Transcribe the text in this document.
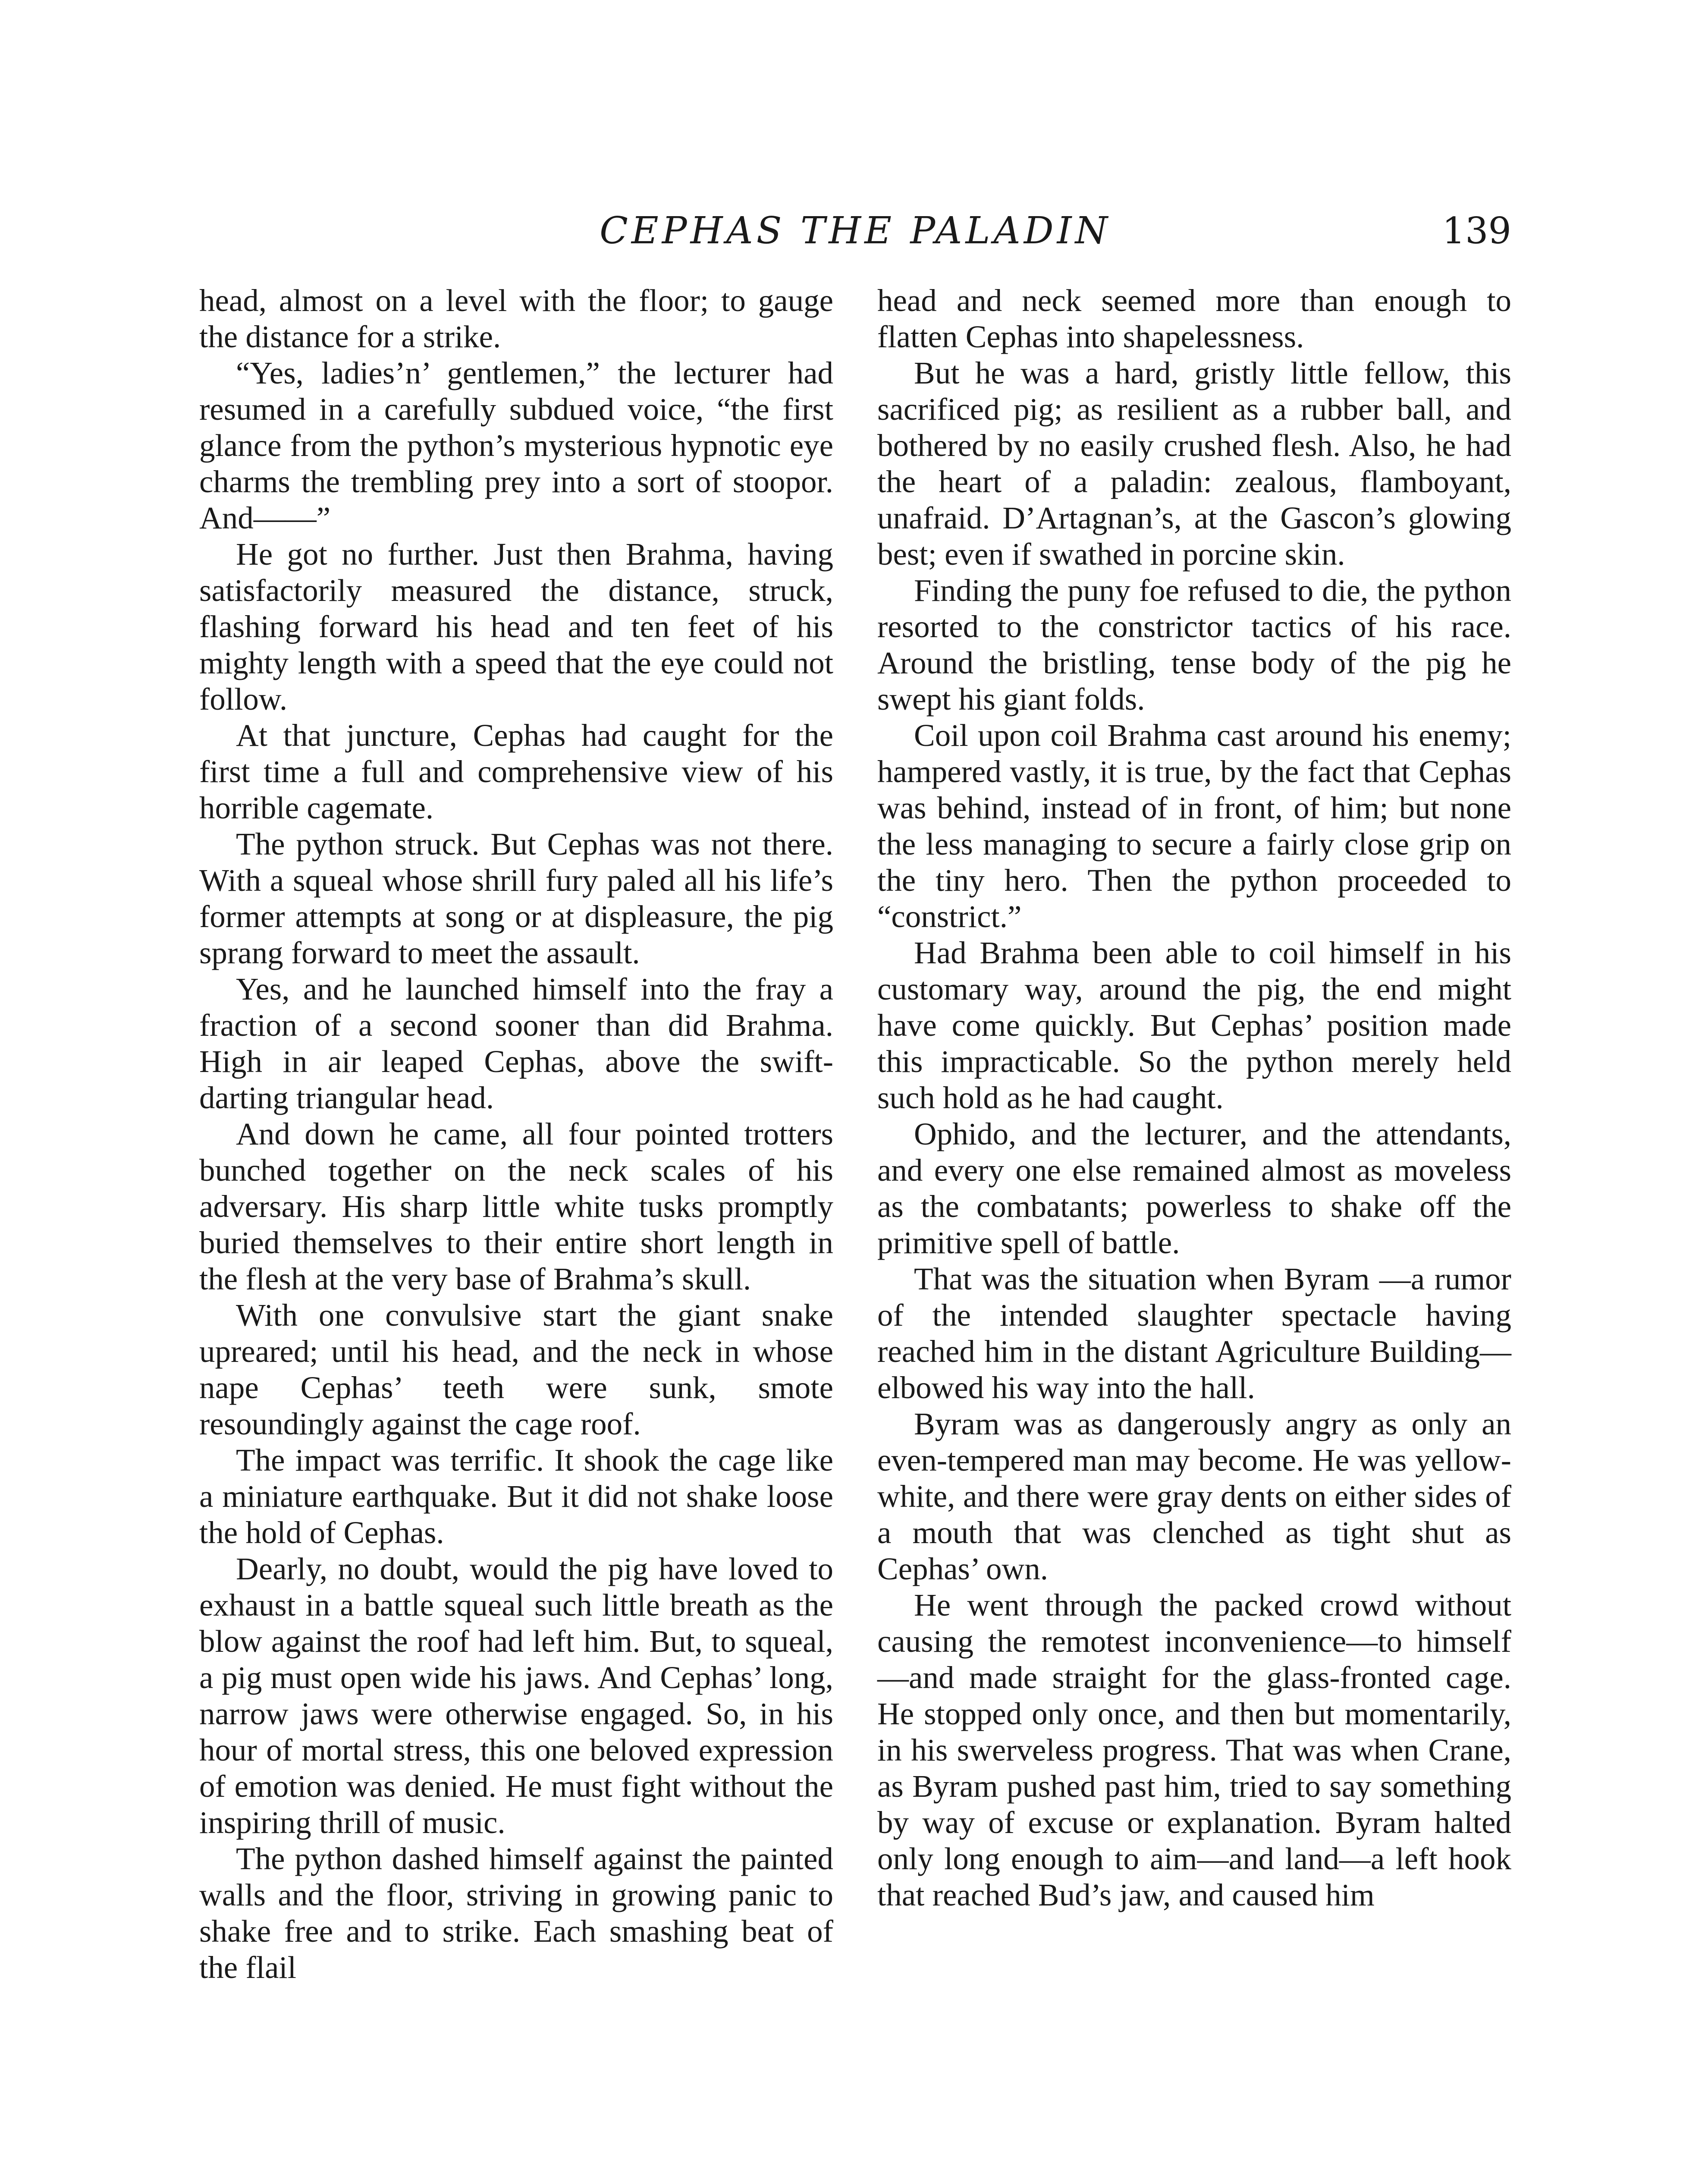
CEPHAS THE PALADIN	139

head, almost on a level with the floor; to gauge the distance for a strike.

“Yes, ladies’n’ gentlemen,” the lecturer had resumed in a carefully subdued voice, “the first glance from the python’s mysterious hypnotic eye charms the trembling prey into a sort of stoopor. And——”

He got no further. Just then Brahma, having satisfactorily measured the distance, struck, flashing forward his head and ten feet of his mighty length with a speed that the eye could not follow.

At that juncture, Cephas had caught for the first time a full and comprehensive view of his horrible cagemate.

The python struck. But Cephas was not there. With a squeal whose shrill fury paled all his life’s former attempts at song or at displeasure, the pig sprang forward to meet the assault.

Yes, and he launched himself into the fray a fraction of a second sooner than did Brahma. High in air leaped Cephas, above the swift-darting triangular head.

And down he came, all four pointed trotters bunched together on the neck scales of his adversary. His sharp little white tusks promptly buried themselves to their entire short length in the flesh at the very base of Brahma’s skull.

With one convulsive start the giant snake upreared; until his head, and the neck in whose nape Cephas’ teeth were sunk, smote resoundingly against the cage roof.

The impact was terrific. It shook the cage like a miniature earthquake. But it did not shake loose the hold of Cephas.

Dearly, no doubt, would the pig have loved to exhaust in a battle squeal such little breath as the blow against the roof had left him. But, to squeal, a pig must open wide his jaws. And Cephas’ long, narrow jaws were otherwise engaged. So, in his hour of mortal stress, this one beloved expression of emotion was denied. He must fight without the inspiring thrill of music.

The python dashed himself against the painted walls and the floor, striving in growing panic to shake free and to strike. Each smashing beat of the flail

head and neck seemed more than enough to flatten Cephas into shapelessness.

But he was a hard, gristly little fellow, this sacrificed pig; as resilient as a rubber ball, and bothered by no easily crushed flesh. Also, he had the heart of a paladin: zealous, flamboyant, unafraid. D’Artagnan’s, at the Gascon’s glowing best; even if swathed in porcine skin.

Finding the puny foe refused to die, the python resorted to the constrictor tactics of his race. Around the bristling, tense body of the pig he swept his giant folds.

Coil upon coil Brahma cast around his enemy; hampered vastly, it is true, by the fact that Cephas was behind, instead of in front, of him; but none the less managing to secure a fairly close grip on the tiny hero. Then the python proceeded to “constrict.”

Had Brahma been able to coil himself in his customary way, around the pig, the end might have come quickly. But Cephas’ position made this impracticable. So the python merely held such hold as he had caught.

Ophido, and the lecturer, and the attendants, and every one else remained almost as moveless as the combatants; powerless to shake off the primitive spell of battle.

That was the situation when Byram —a rumor of the intended slaughter spectacle having reached him in the distant Agriculture Building—elbowed his way into the hall.

Byram was as dangerously angry as only an even-tempered man may become. He was yellow-white, and there were gray dents on either sides of a mouth that was clenched as tight shut as Cephas’ own.

He went through the packed crowd without causing the remotest inconvenience—to himself—and made straight for the glass-fronted cage. He stopped only once, and then but momentarily, in his swerveless progress. That was when Crane, as Byram pushed past him, tried to say something by way of excuse or explanation. Byram halted only long enough to aim—and land—a left hook that reached Bud’s jaw, and caused him
